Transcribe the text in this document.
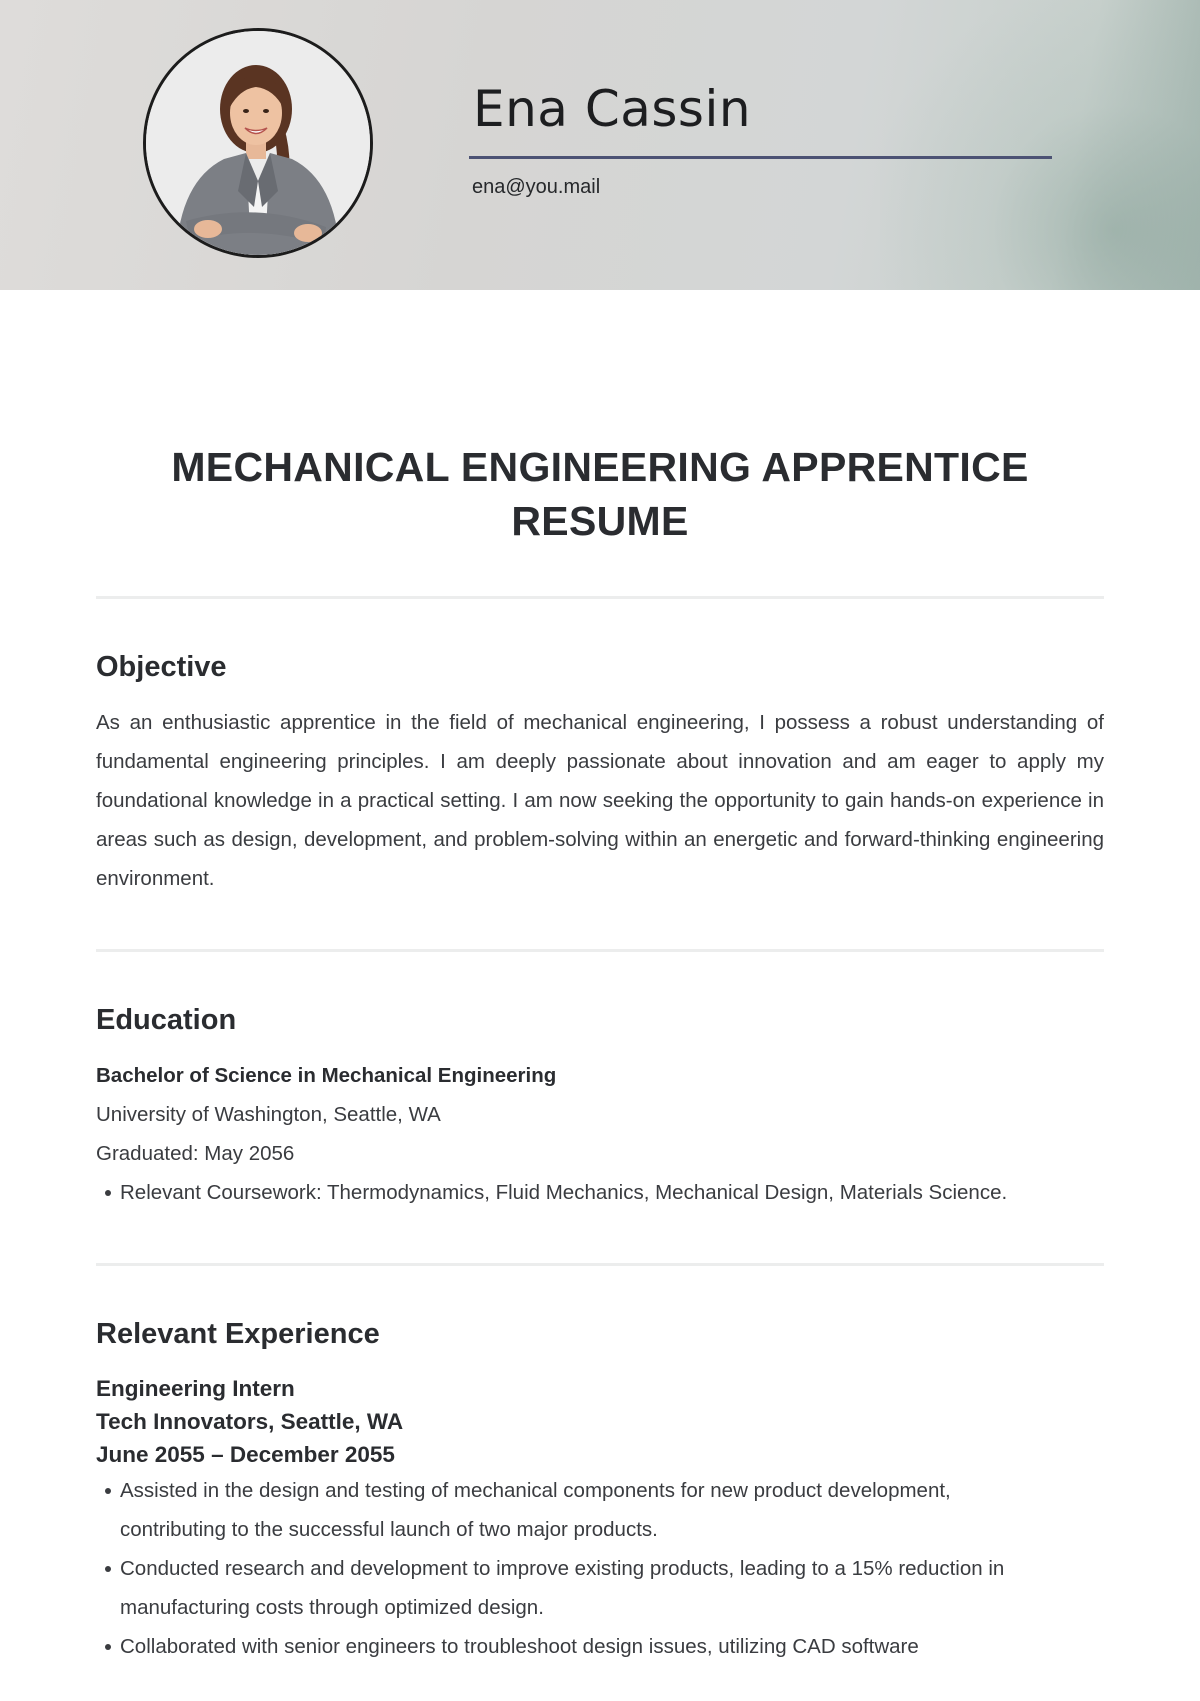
Ena Cassin
ena@you.mail
MECHANICAL ENGINEERING APPRENTICE RESUME
Objective

As an enthusiastic apprentice in the field of mechanical engineering, I possess a robust understanding of fundamental engineering principles. I am deeply passionate about innovation and am eager to apply my foundational knowledge in a practical setting. I am now seeking the opportunity to gain hands-on experience in areas such as design, development, and problem-solving within an energetic and forward-thinking engineering environment.

Education
Bachelor of Science in Mechanical Engineering
University of Washington, Seattle, WA
Graduated: May 2056
Relevant Coursework: Thermodynamics, Fluid Mechanics, Mechanical Design, Materials Science.
Relevant Experience
Engineering Intern
Tech Innovators, Seattle, WA
June 2055 – December 2055
Assisted in the design and testing of mechanical components for new product development, contributing to the successful launch of two major products.
Conducted research and development to improve existing products, leading to a 15% reduction in manufacturing costs through optimized design.
Collaborated with senior engineers to troubleshoot design issues, utilizing CAD software
